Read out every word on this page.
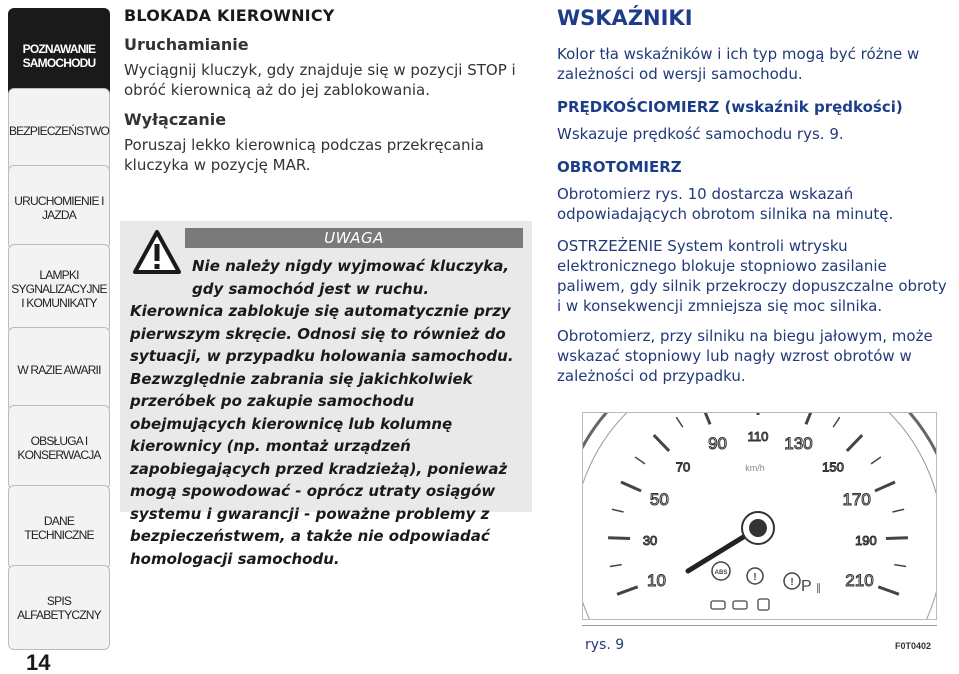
POZNAWANIE SAMOCHODU
BEZPIECZEŃSTWO
URUCHOMIENIE I JAZDA
LAMPKI SYGNALIZACYJNE I KOMUNIKATY
W RAZIE AWARII
OBSŁUGA I KONSERWACJA
DANE TECHNICZNE
SPIS ALFABETYCZNY
14
BLOKADA KIEROWNICY
Uruchamianie

Wyciągnij kluczyk, gdy znajduje się w pozycji STOP i obróć kierownicą aż do jej zablokowania.

Wyłączanie

Poruszaj lekko kierownicą podczas przekręcania kluczyka w pozycję MAR.

UWAGA
Nie należy nigdy wyjmować kluczyka, gdy samochód jest w ruchu.
Kierownica zablokuje się automatycznie przy pierwszym skręcie. Odnosi się to również do sytuacji, w przypadku holowania samochodu. Bezwzględnie zabrania się jakichkolwiek przeróbek po zakupie samochodu obejmujących kierownicę lub kolumnę kierownicy (np. montaż urządzeń zapobiegających przed kradzieżą), ponieważ mogą spowodować - oprócz utraty osiągów systemu i gwarancji - poważne problemy z bezpieczeństwem, a także nie odpowiadać homologacji samochodu.
WSKAŹNIKI

Kolor tła wskaźników i ich typ mogą być różne w zależności od wersji samochodu.

PRĘDKOŚCIOMIERZ (wskaźnik prędkości)

Wskazuje prędkość samochodu rys. 9.

OBROTOMIERZ

Obrotomierz rys. 10 dostarcza wskazań odpowiadających obrotom silnika na minutę.

OSTRZEŻENIE System kontroli wtrysku elektronicznego blokuje stopniowo zasilanie paliwem, gdy silnik przekroczy dopuszczalne obroty i w konsekwencji zmniejsza się moc silnika.

Obrotomierz, przy silniku na biegu jałowym, może wskazać stopniowy lub nagły wzrost obrotów w zależności od przypadku.

10
30
50
70
90 110 130
150
170
190
210
km/h
ABS	!	! P ∥
rys. 9	F0T0402
